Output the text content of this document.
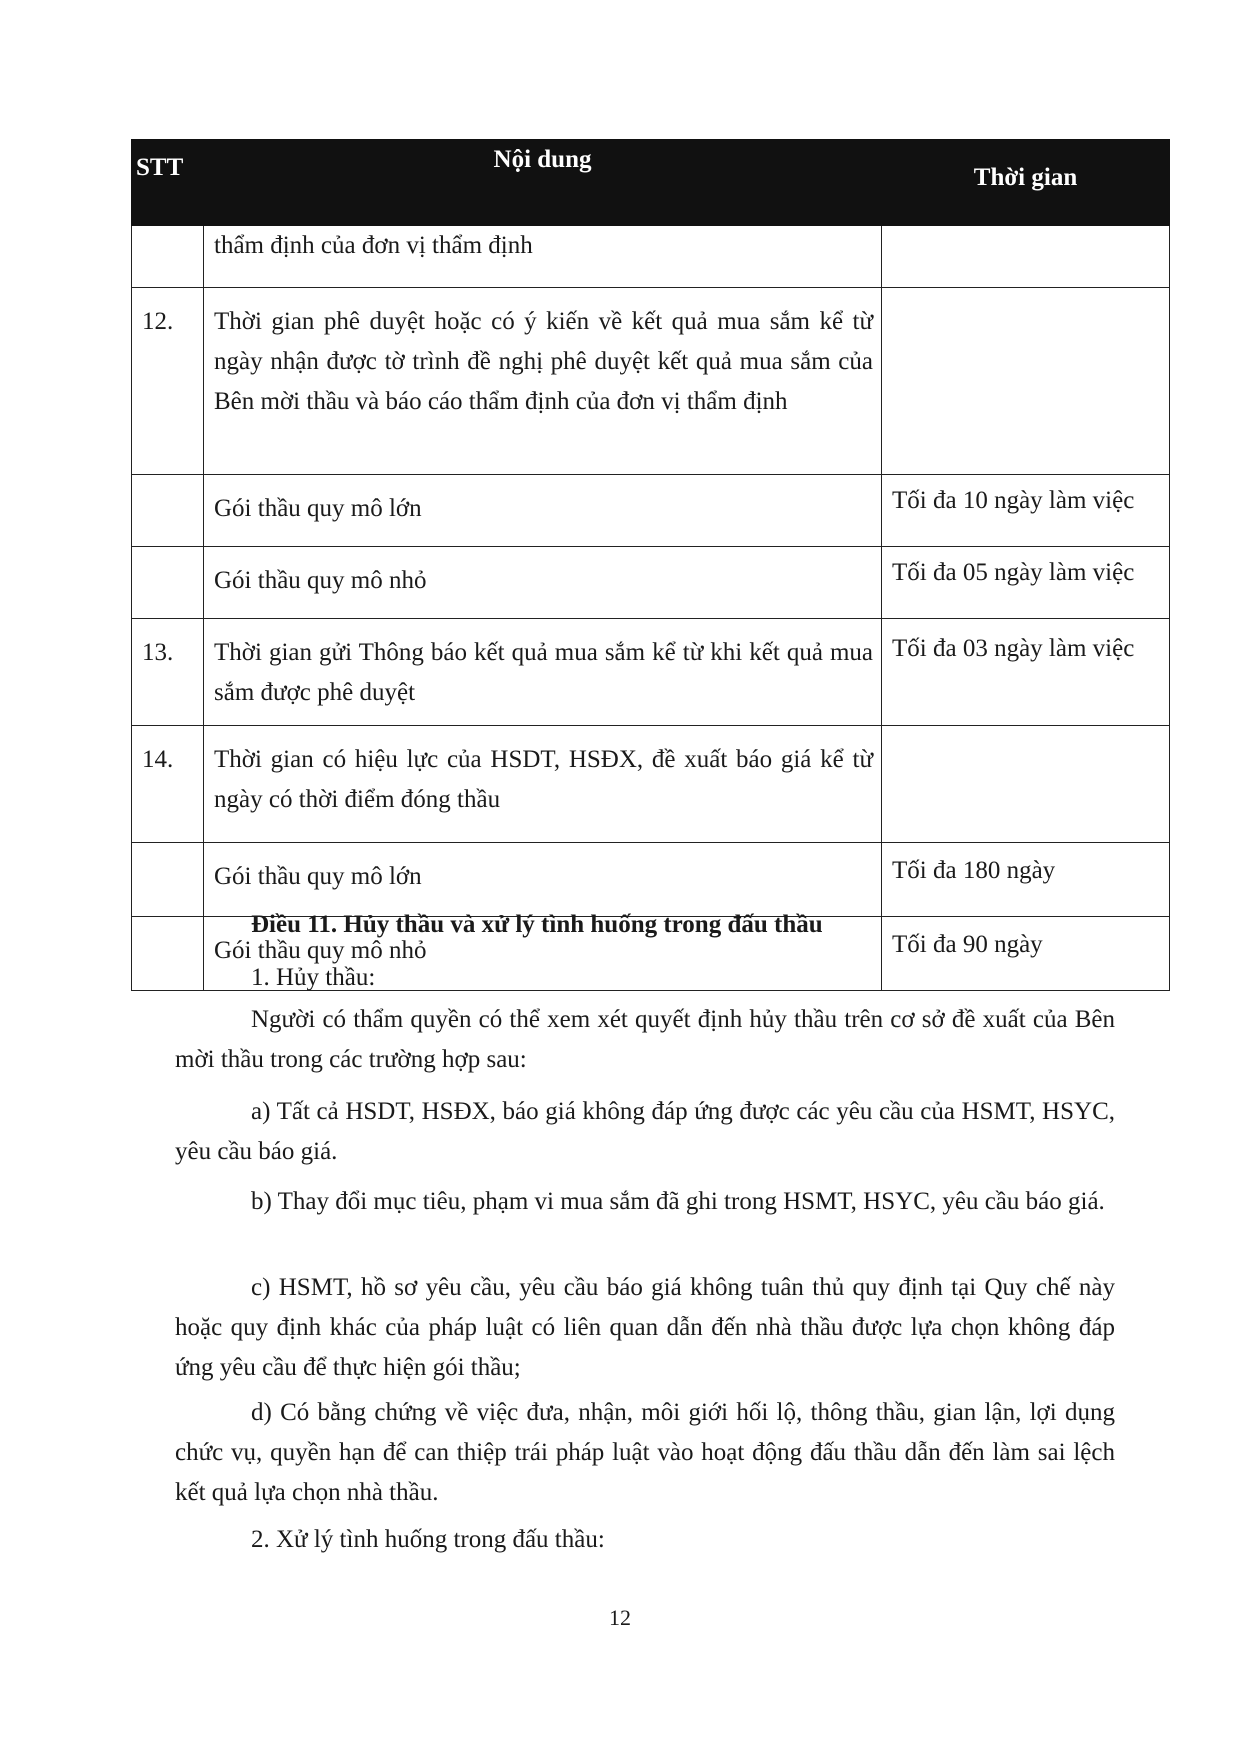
STT	Nội dung	Thời gian
	thẩm định của đơn vị thẩm định	
12.	Thời gian phê duyệt hoặc có ý kiến về kết quả mua sắm kể từ ngày nhận được tờ trình đề nghị phê duyệt kết quả mua sắm của Bên mời thầu và báo cáo thẩm định của đơn vị thẩm định	
	Gói thầu quy mô lớn	Tối đa 10 ngày làm việc
	Gói thầu quy mô nhỏ	Tối đa 05 ngày làm việc
13.	Thời gian gửi Thông báo kết quả mua sắm kể từ khi kết quả mua sắm được phê duyệt	Tối đa 03 ngày làm việc
14.	Thời gian có hiệu lực của HSDT, HSĐX, đề xuất báo giá kể từ ngày có thời điểm đóng thầu	
	Gói thầu quy mô lớn	Tối đa 180 ngày
	Gói thầu quy mô nhỏ	Tối đa 90 ngày
Điều 11. Hủy thầu và xử lý tình huống trong đấu thầu

1. Hủy thầu:

Người có thẩm quyền có thể xem xét quyết định hủy thầu trên cơ sở đề xuất của Bên mời thầu trong các trường hợp sau:

a) Tất cả HSDT, HSĐX, báo giá không đáp ứng được các yêu cầu của HSMT, HSYC, yêu cầu báo giá.

b) Thay đổi mục tiêu, phạm vi mua sắm đã ghi trong HSMT, HSYC, yêu cầu báo giá.

c) HSMT, hồ sơ yêu cầu, yêu cầu báo giá không tuân thủ quy định tại Quy chế này hoặc quy định khác của pháp luật có liên quan dẫn đến nhà thầu được lựa chọn không đáp ứng yêu cầu để thực hiện gói thầu;

d) Có bằng chứng về việc đưa, nhận, môi giới hối lộ, thông thầu, gian lận, lợi dụng chức vụ, quyền hạn để can thiệp trái pháp luật vào hoạt động đấu thầu dẫn đến làm sai lệch kết quả lựa chọn nhà thầu.

2. Xử lý tình huống trong đấu thầu:

12
